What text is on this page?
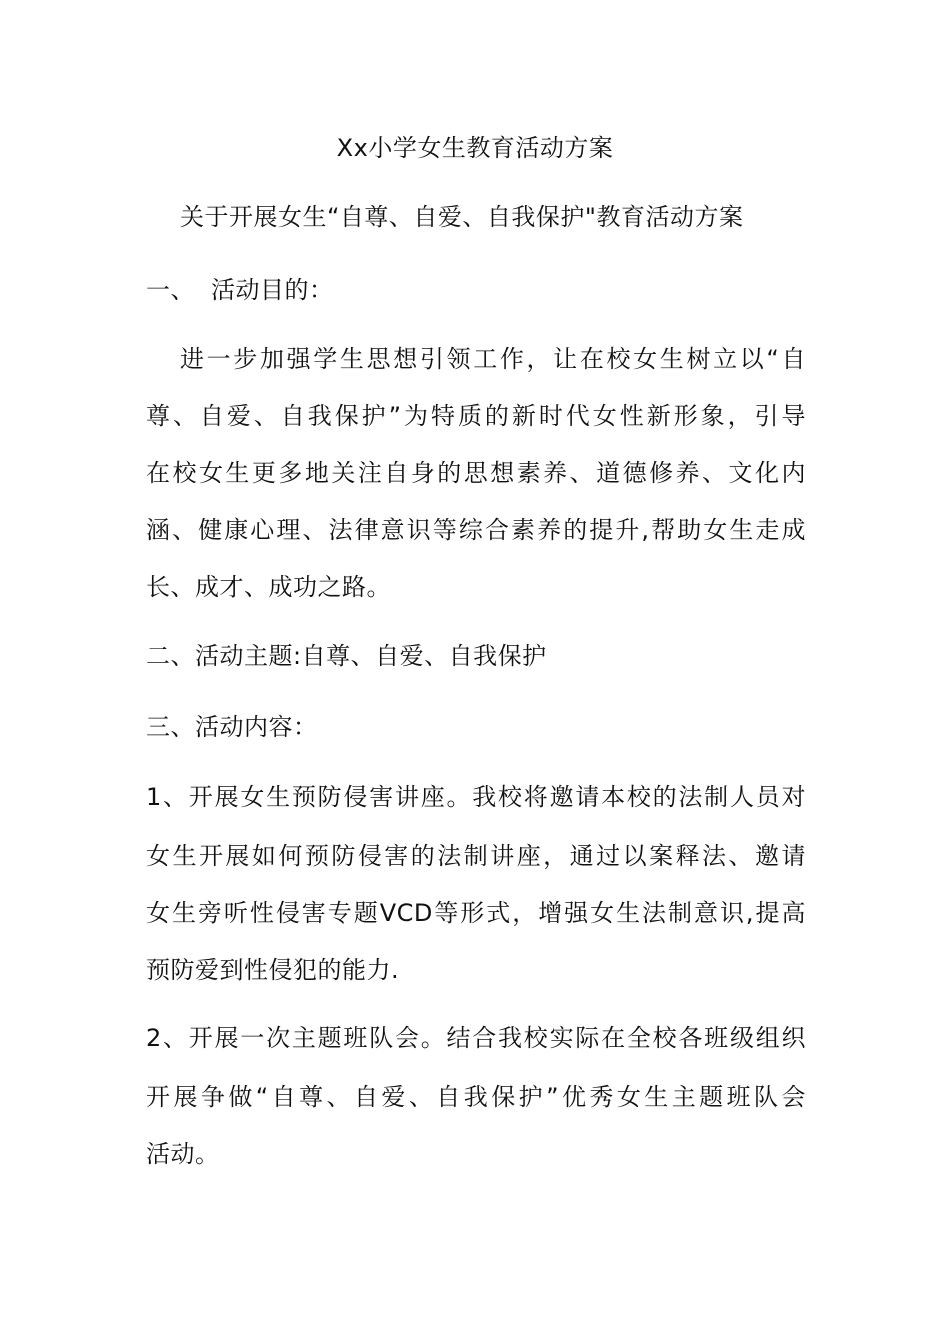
Xx小学女生教育活动方案
关于开展女生“自尊、自爱、自我保护"教育活动方案
一、 活动目的：
进一步加强学生思想引领工作，让在校女生树立以“自
尊、自爱、自我保护”为特质的新时代女性新形象，引导
在校女生更多地关注自身的思想素养、道德修养、文化内
涵、健康心理、法律意识等综合素养的提升,帮助女生走成
长、成才、成功之路。
二、活动主题:自尊、自爱、自我保护
三、活动内容：
1、开展女生预防侵害讲座。我校将邀请本校的法制人员对
女生开展如何预防侵害的法制讲座，通过以案释法、邀请
女生旁听性侵害专题VCD等形式，增强女生法制意识,提高
预防爱到性侵犯的能力.
2、开展一次主题班队会。结合我校实际在全校各班级组织
开展争做“自尊、自爱、自我保护”优秀女生主题班队会
活动。
